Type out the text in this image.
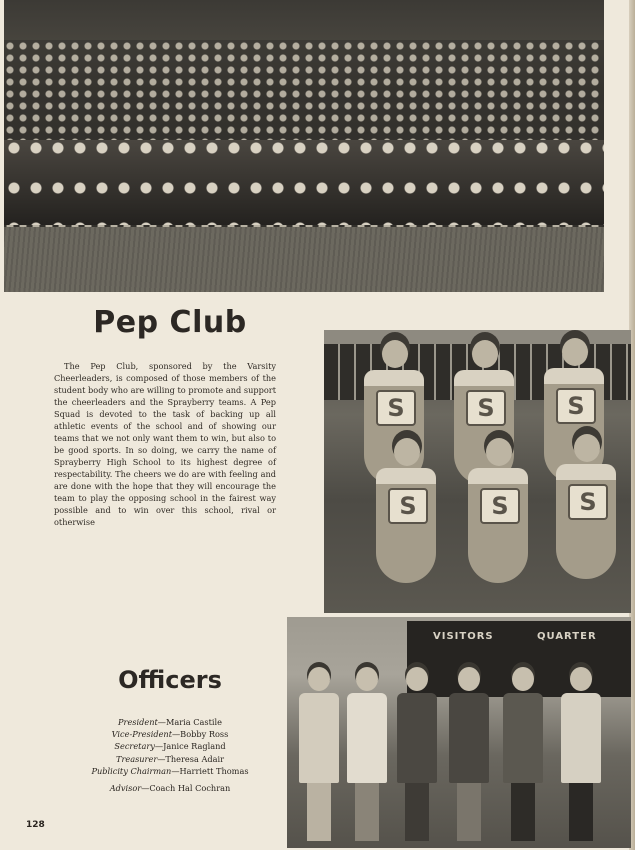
Pep Club

The Pep Club, sponsored by the Varsity Cheerleaders, is composed of those members of the student body who are willing to promote and support the cheerleaders and the Sprayberry teams. A Pep Squad is devoted to the task of backing up all athletic events of the school and of showing our teams that we not only want them to win, but also to be good sports. In so doing, we carry the name of Sprayberry High School to its highest degree of respectability. The cheers we do are with feeling and are done with the hope that they will encourage the team to play the opposing school in the fairest way possible and to win over this school, rival or otherwise

S	S	S
S	S	S
Officers
President—Maria Castile
Vice-President—Bobby Ross
Secretary—Janice Ragland
Treasurer—Theresa Adair
Publicity Chairman—Harriett Thomas

Advisor—Coach Hal Cochran

VISITORS	QUARTER

128
